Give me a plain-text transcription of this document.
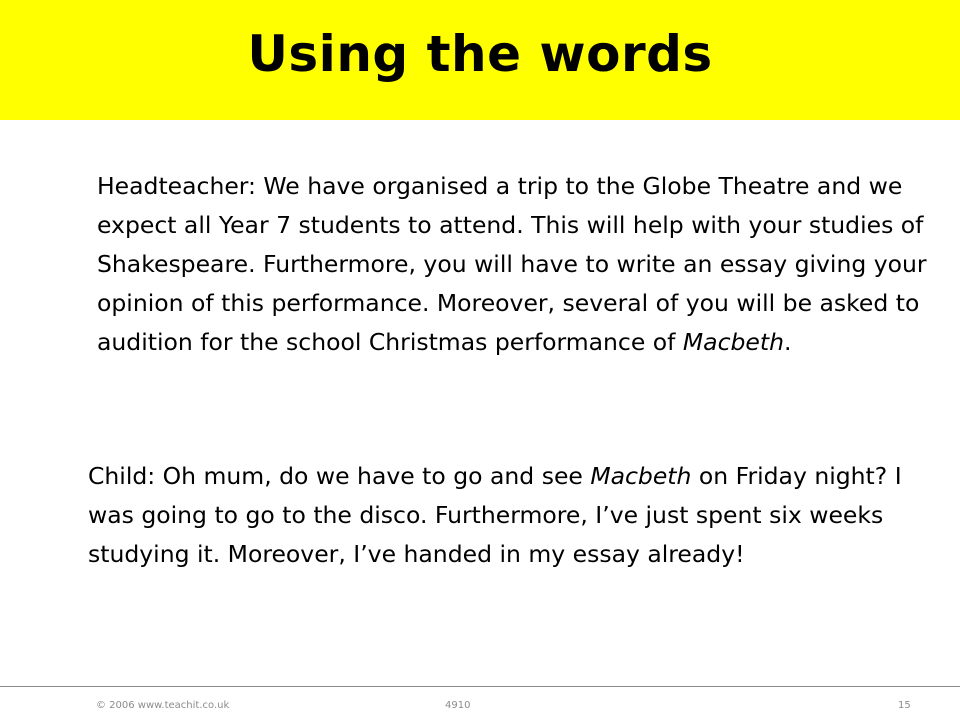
Using the words

Headteacher: We have organised a trip to the Globe Theatre and we expect all Year 7 students to attend. This will help with your studies of Shakespeare. Furthermore, you will have to write an essay giving your opinion of this performance. Moreover, several of you will be asked to audition for the school Christmas performance of Macbeth.

Child: Oh mum, do we have to go and see Macbeth on Friday night? I was going to go to the disco. Furthermore, I’ve just spent six weeks studying it. Moreover, I’ve handed in my essay already!

© 2006 www.teachit.co.uk	4910	15
